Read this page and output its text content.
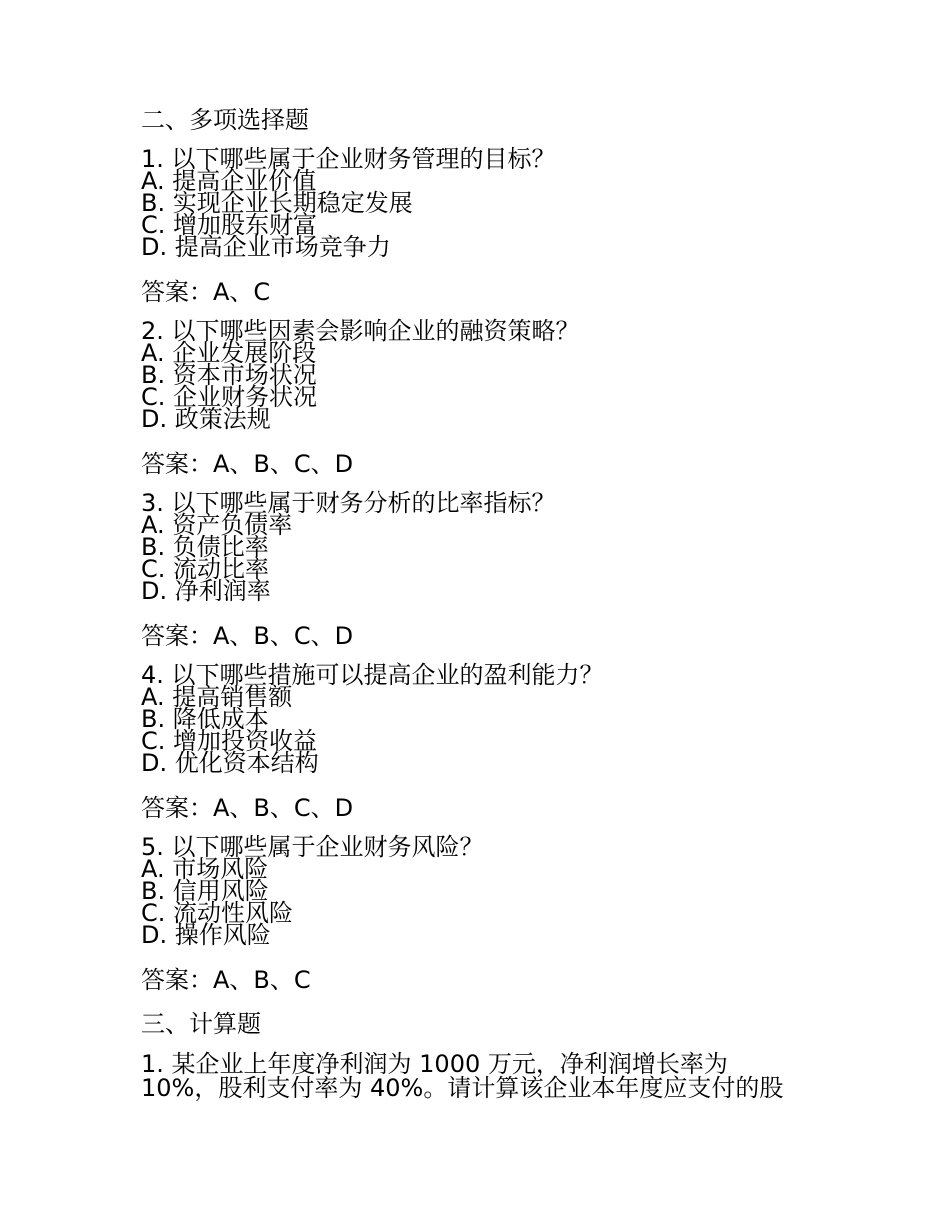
二、多项选择题
1. 以下哪些属于企业财务管理的目标？
A. 提高企业价值
B. 实现企业长期稳定发展
C. 增加股东财富
D. 提高企业市场竞争力
答案：A、C
2. 以下哪些因素会影响企业的融资策略？
A. 企业发展阶段
B. 资本市场状况
C. 企业财务状况
D. 政策法规
答案：A、B、C、D
3. 以下哪些属于财务分析的比率指标？
A. 资产负债率
B. 负债比率
C. 流动比率
D. 净利润率
答案：A、B、C、D
4. 以下哪些措施可以提高企业的盈利能力？
A. 提高销售额
B. 降低成本
C. 增加投资收益
D. 优化资本结构
答案：A、B、C、D
5. 以下哪些属于企业财务风险？
A. 市场风险
B. 信用风险
C. 流动性风险
D. 操作风险
答案：A、B、C
三、计算题
1. 某企业上年度净利润为 1000 万元，净利润增长率为
10%，股利支付率为 40%。请计算该企业本年度应支付的股
